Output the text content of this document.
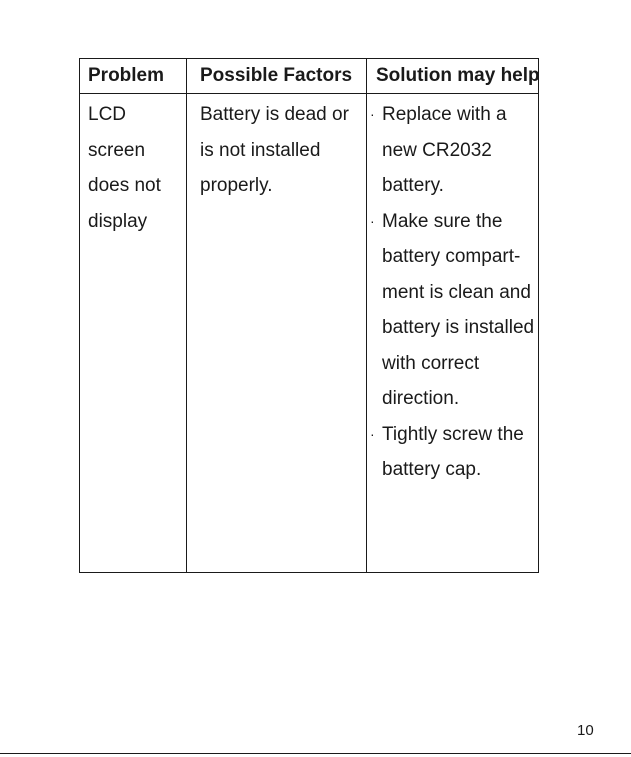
Problem	Possible Factors	Solution may help
LCD
screen
does not
display
Battery is dead or
is not installed
properly.
· Replace with a
new CR2032
battery.
· Make sure the
battery compart-
ment is clean and
battery is installed
with correct
direction.
· Tightly screw the
battery cap.
10
